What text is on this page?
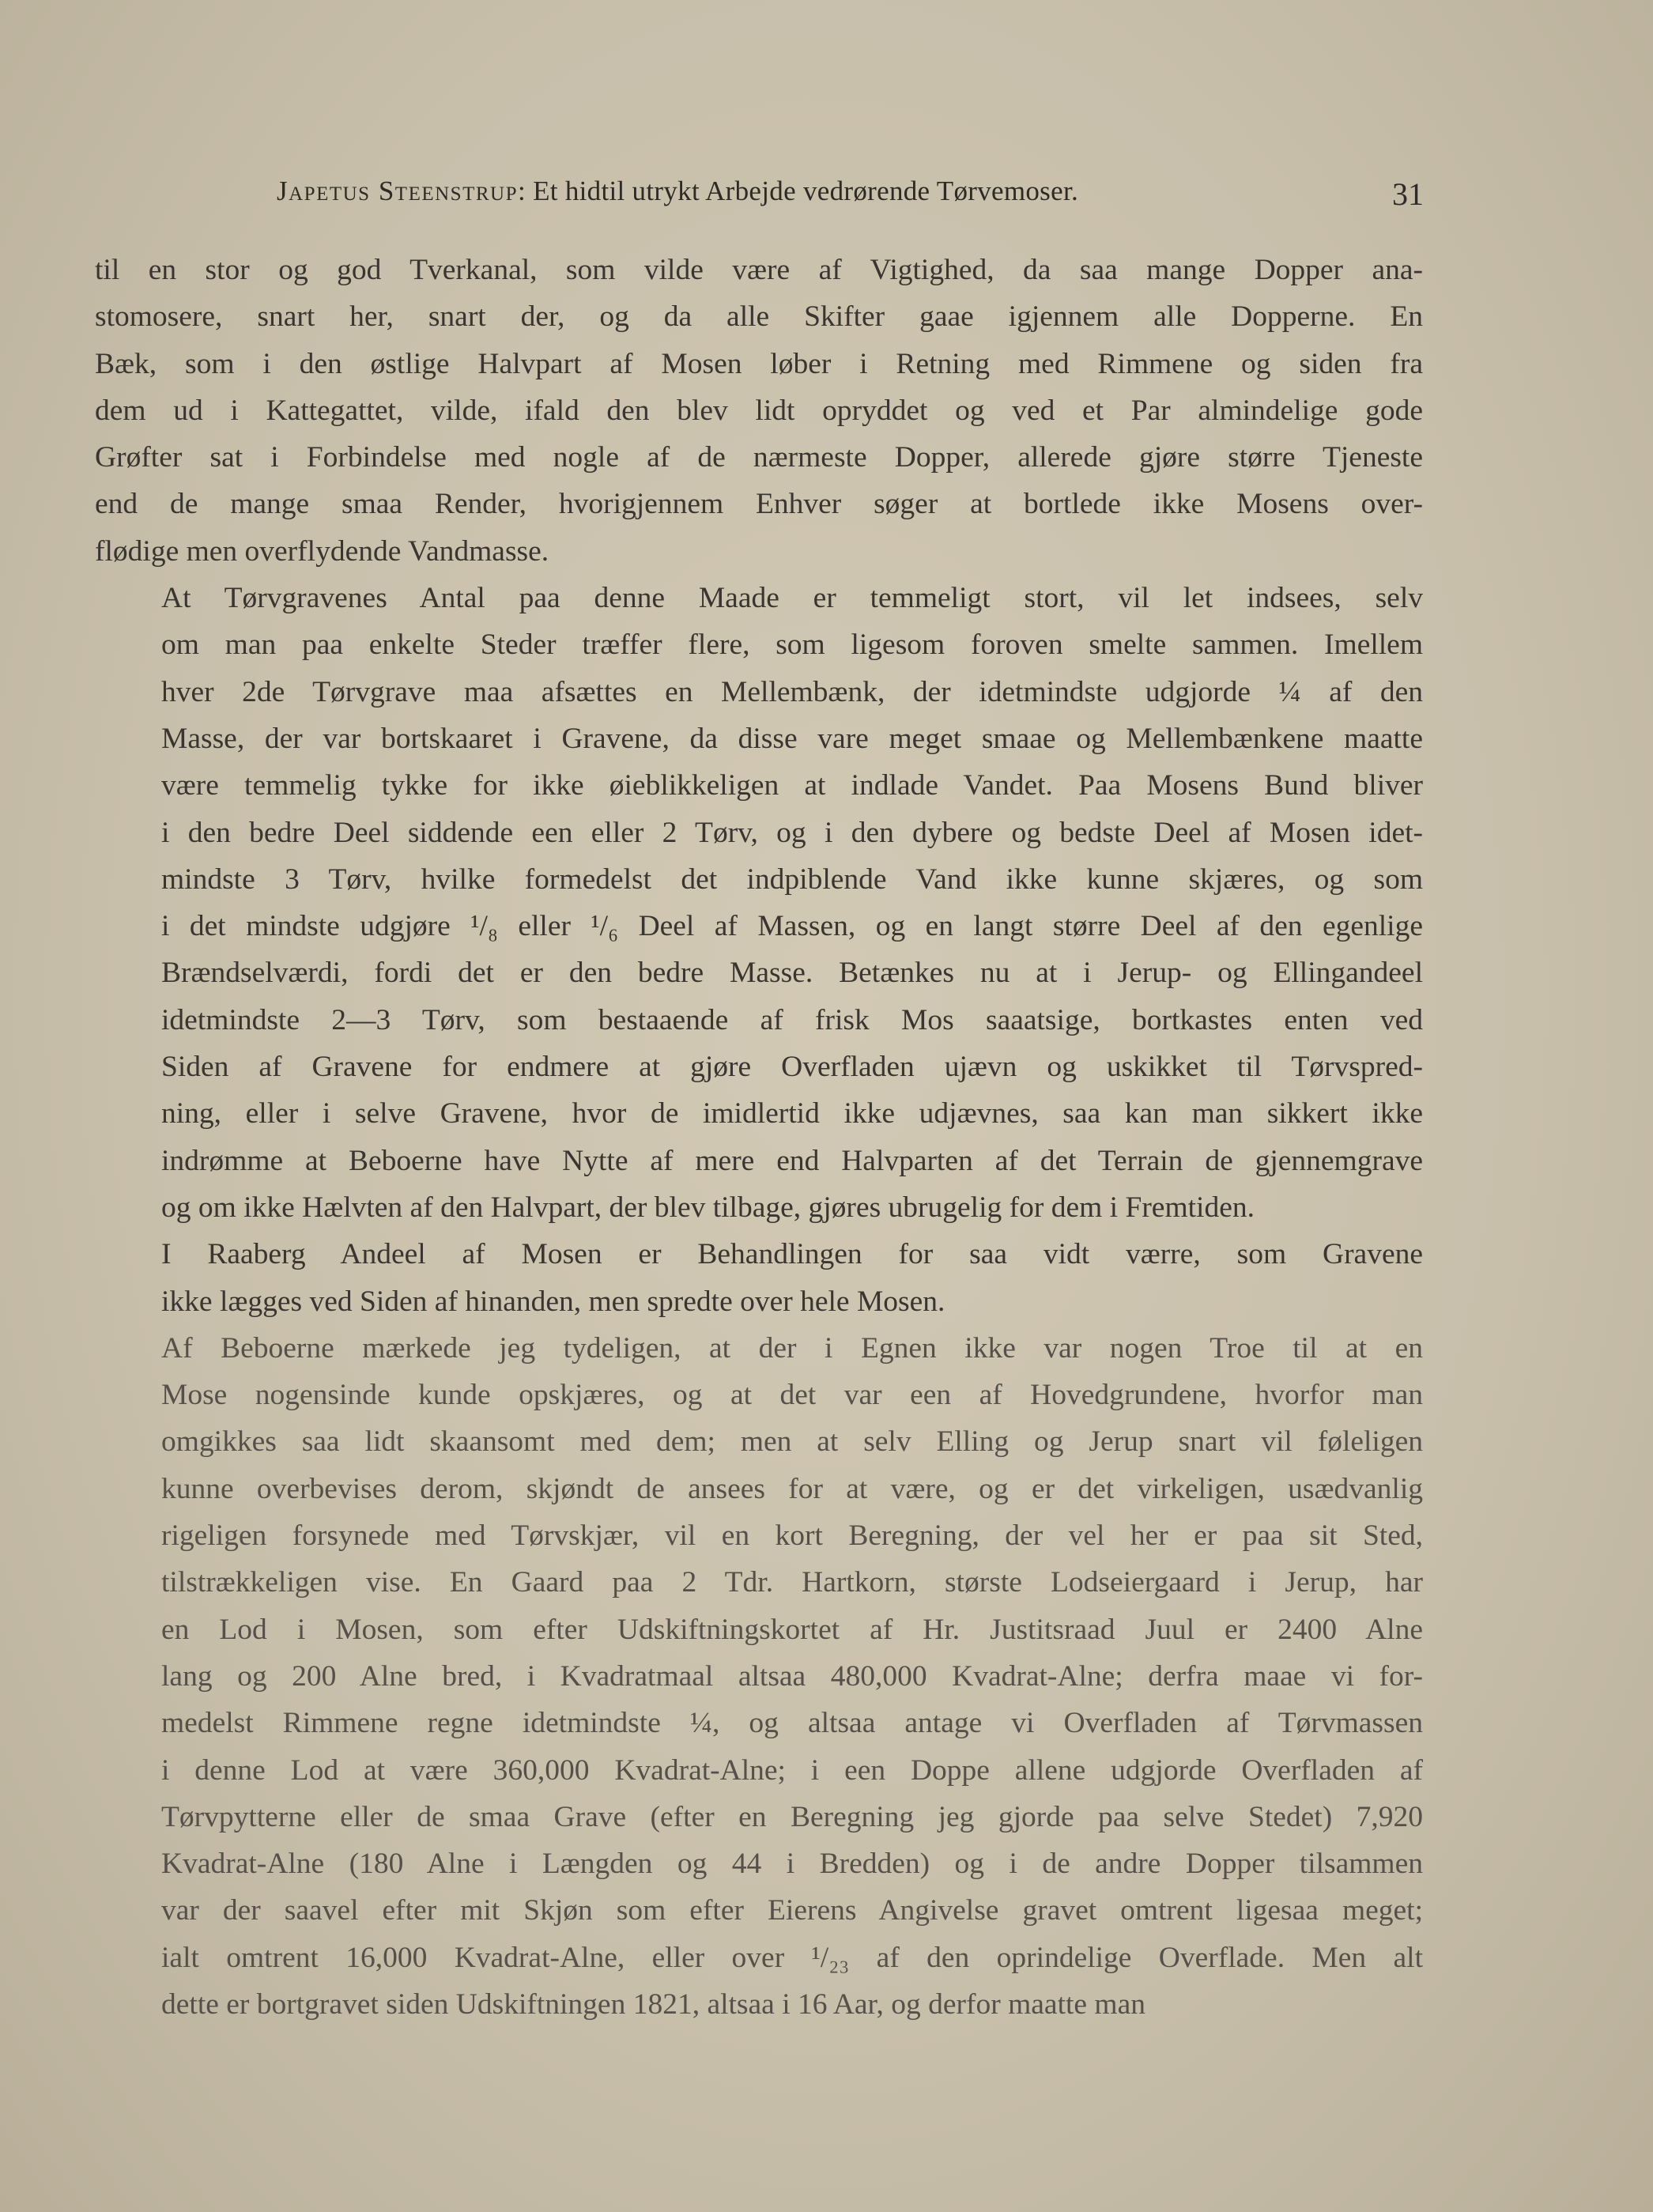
Japetus Steenstrup: Et hidtil utrykt Arbejde vedrørende Tørvemoser.	31

til en stor og god Tverkanal, som vilde være af Vigtighed, da saa mange Dopper ana-
stomosere, snart her, snart der, og da alle Skifter gaae igjennem alle Dopperne. En
Bæk, som i den østlige Halvpart af Mosen løber i Retning med Rimmene og siden fra
dem ud i Kattegattet, vilde, ifald den blev lidt opryddet og ved et Par almindelige gode
Grøfter sat i Forbindelse med nogle af de nærmeste Dopper, allerede gjøre større Tjeneste
end de mange smaa Render, hvorigjennem Enhver søger at bortlede ikke Mosens over-
flødige men overflydende Vandmasse.

At Tørvgravenes Antal paa denne Maade er temmeligt stort, vil let indsees, selv
om man paa enkelte Steder træffer flere, som ligesom foroven smelte sammen. Imellem
hver 2de Tørvgrave maa afsættes en Mellembænk, der idetmindste udgjorde ¼ af den
Masse, der var bortskaaret i Gravene, da disse vare meget smaae og Mellembænkene maatte
være temmelig tykke for ikke øieblikkeligen at indlade Vandet. Paa Mosens Bund bliver
i den bedre Deel siddende een eller 2 Tørv, og i den dybere og bedste Deel af Mosen idet-
mindste 3 Tørv, hvilke formedelst det indpiblende Vand ikke kunne skjæres, og som
i det mindste udgjøre ¹/₈ eller ¹/₆ Deel af Massen, og en langt større Deel af den egenlige
Brændselværdi, fordi det er den bedre Masse. Betænkes nu at i Jerup- og Ellingandeel
idetmindste 2—3 Tørv, som bestaaende af frisk Mos saaatsige, bortkastes enten ved
Siden af Gravene for endmere at gjøre Overfladen ujævn og uskikket til Tørvspred-
ning, eller i selve Gravene, hvor de imidlertid ikke udjævnes, saa kan man sikkert ikke
indrømme at Beboerne have Nytte af mere end Halvparten af det Terrain de gjennemgrave
og om ikke Hælvten af den Halvpart, der blev tilbage, gjøres ubrugelig for dem i Fremtiden.

I Raaberg Andeel af Mosen er Behandlingen for saa vidt værre, som Gravene
ikke lægges ved Siden af hinanden, men spredte over hele Mosen.

Af Beboerne mærkede jeg tydeligen, at der i Egnen ikke var nogen Troe til at en
Mose nogensinde kunde opskjæres, og at det var een af Hovedgrundene, hvorfor man
omgikkes saa lidt skaansomt med dem; men at selv Elling og Jerup snart vil føleligen
kunne overbevises derom, skjøndt de ansees for at være, og er det virkeligen, usædvanlig
rigeligen forsynede med Tørvskjær, vil en kort Beregning, der vel her er paa sit Sted,
tilstrækkeligen vise. En Gaard paa 2 Tdr. Hartkorn, største Lodseiergaard i Jerup, har
en Lod i Mosen, som efter Udskiftningskortet af Hr. Justitsraad Juul er 2400 Alne
lang og 200 Alne bred, i Kvadratmaal altsaa 480,000 Kvadrat-Alne; derfra maae vi for-
medelst Rimmene regne idetmindste ¼, og altsaa antage vi Overfladen af Tørvmassen
i denne Lod at være 360,000 Kvadrat-Alne; i een Doppe allene udgjorde Overfladen af
Tørvpytterne eller de smaa Grave (efter en Beregning jeg gjorde paa selve Stedet) 7,920
Kvadrat-Alne (180 Alne i Længden og 44 i Bredden) og i de andre Dopper tilsammen
var der saavel efter mit Skjøn som efter Eierens Angivelse gravet omtrent ligesaa meget;
ialt omtrent 16,000 Kvadrat-Alne, eller over ¹/₂₃ af den oprindelige Overflade. Men alt
dette er bortgravet siden Udskiftningen 1821, altsaa i 16 Aar, og derfor maatte man
